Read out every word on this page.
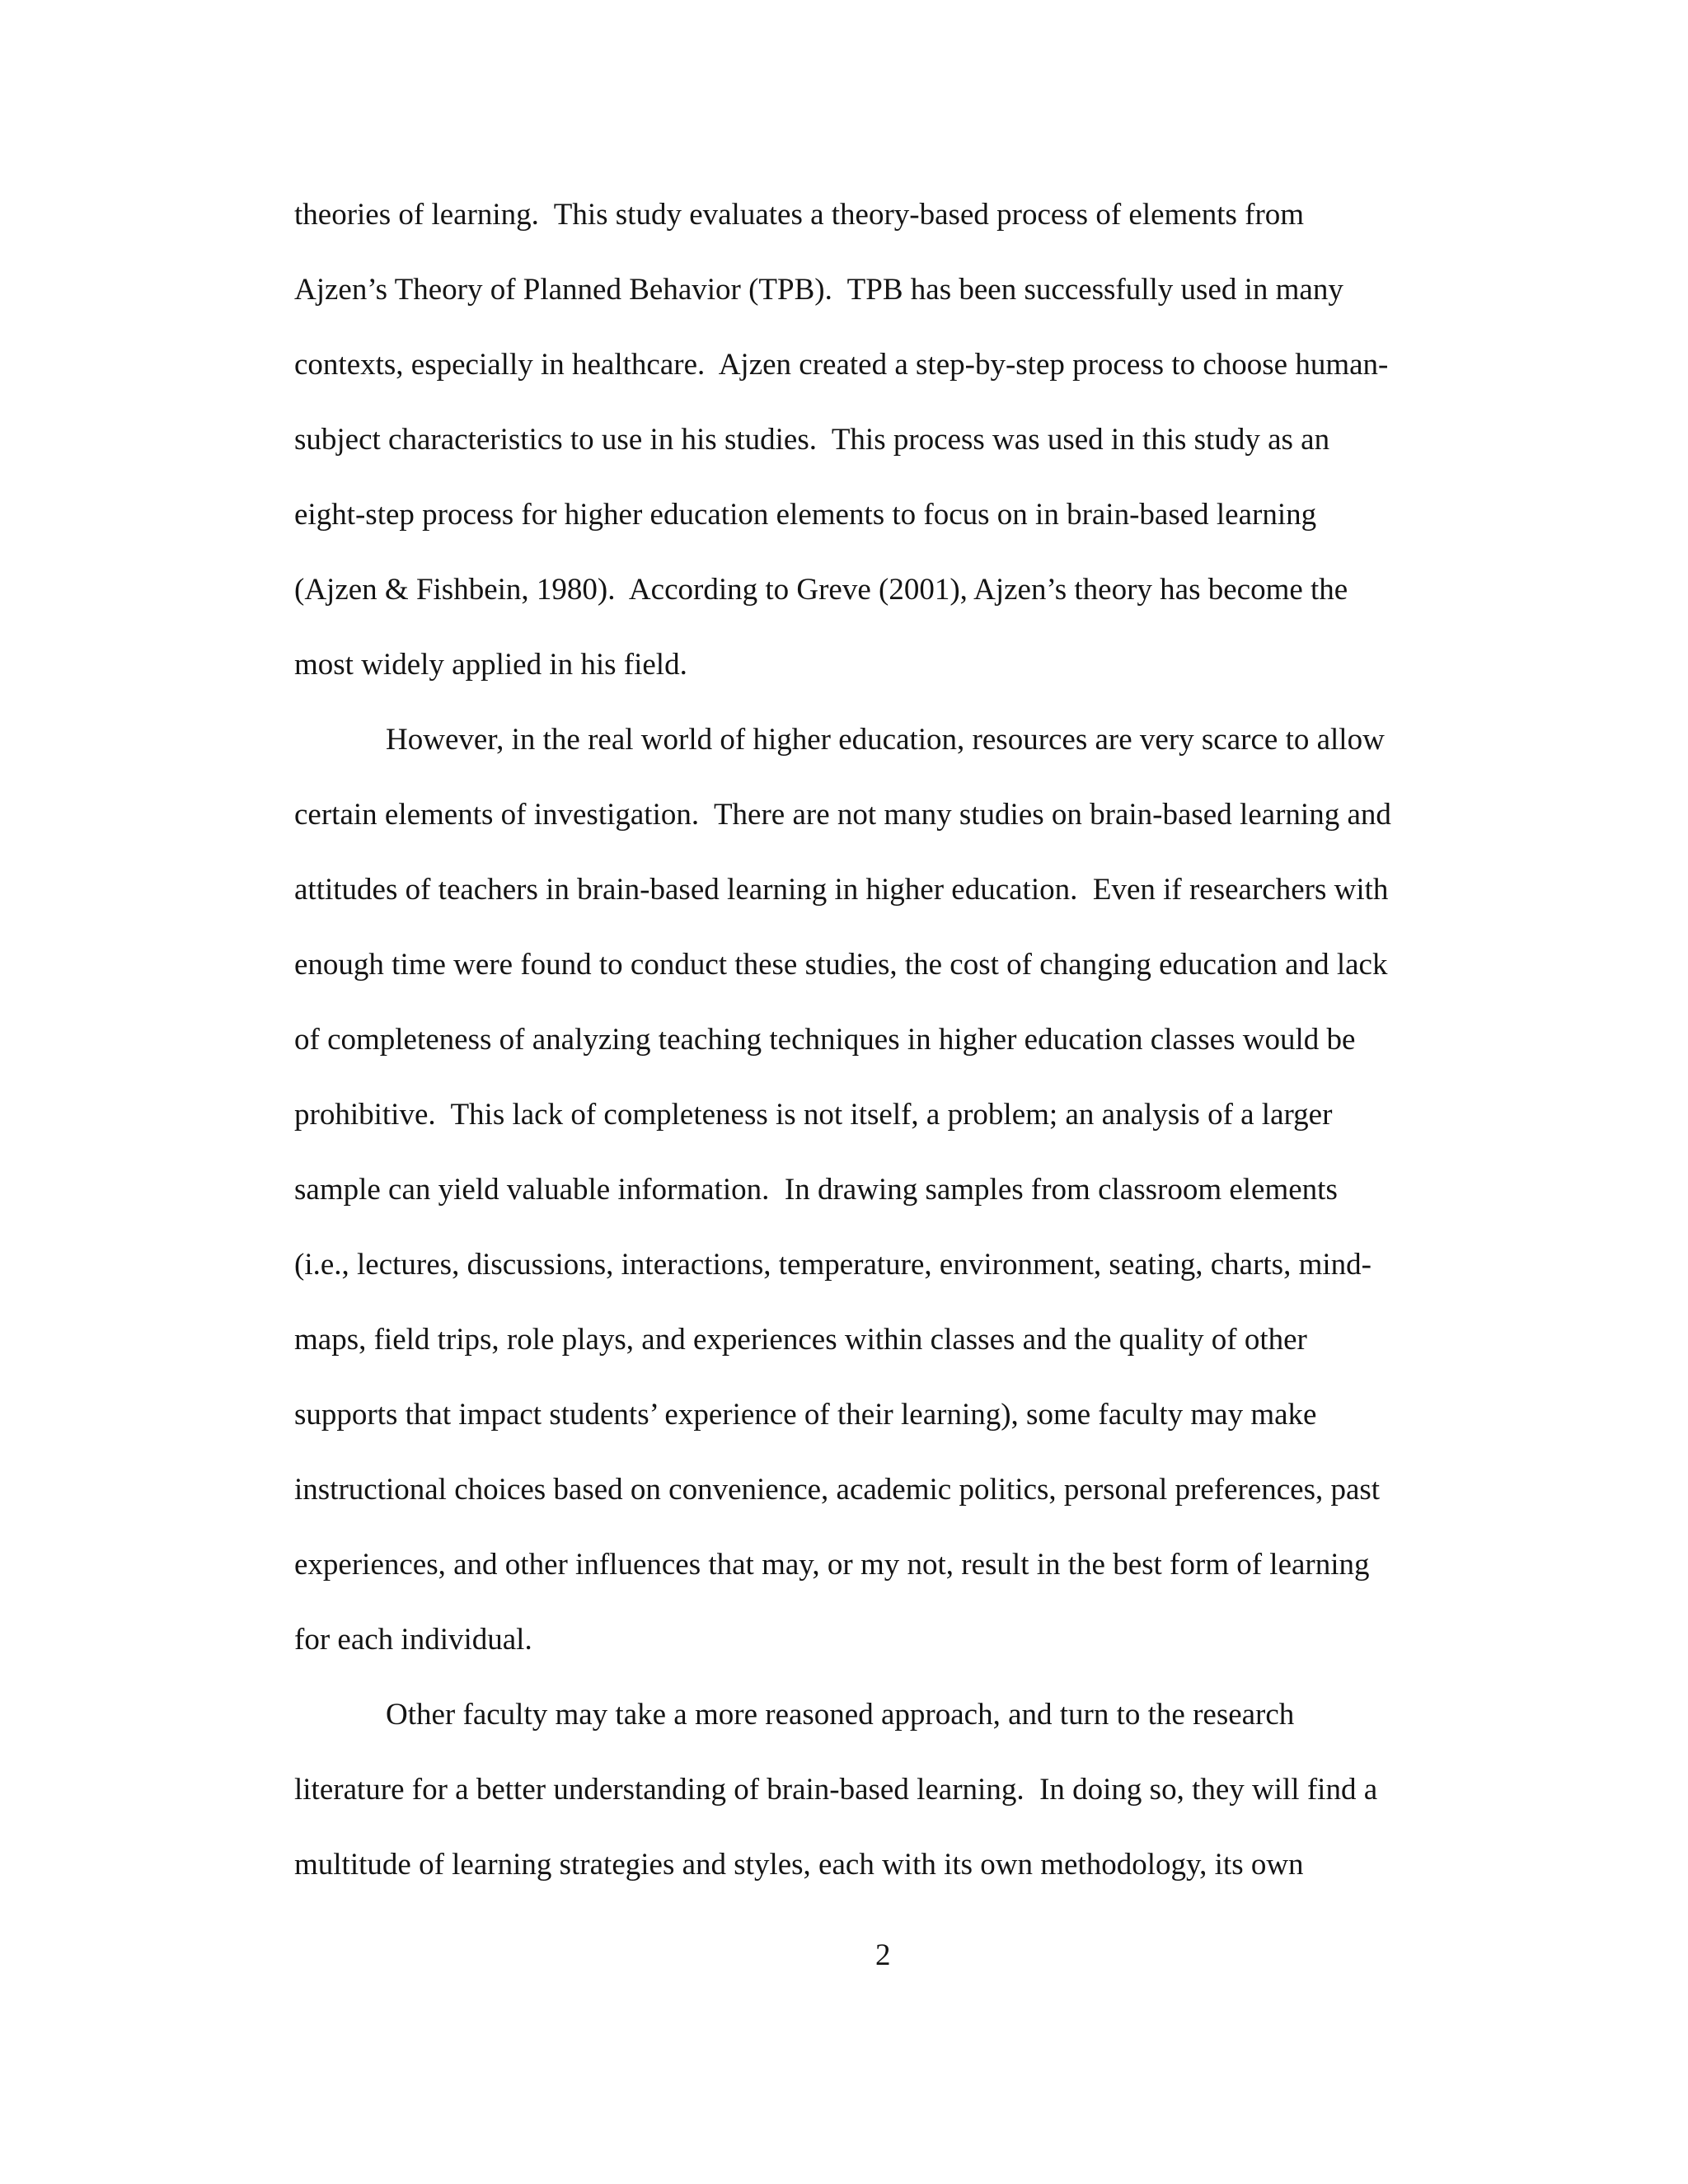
theories of learning.  This study evaluates a theory-based process of elements from
Ajzen’s Theory of Planned Behavior (TPB).  TPB has been successfully used in many
contexts, especially in healthcare.  Ajzen created a step-by-step process to choose human-
subject characteristics to use in his studies.  This process was used in this study as an
eight-step process for higher education elements to focus on in brain-based learning
(Ajzen & Fishbein, 1980).  According to Greve (2001), Ajzen’s theory has become the
most widely applied in his field.
However, in the real world of higher education, resources are very scarce to allow
certain elements of investigation.  There are not many studies on brain-based learning and
attitudes of teachers in brain-based learning in higher education.  Even if researchers with
enough time were found to conduct these studies, the cost of changing education and lack
of completeness of analyzing teaching techniques in higher education classes would be
prohibitive.  This lack of completeness is not itself, a problem; an analysis of a larger
sample can yield valuable information.  In drawing samples from classroom elements
(i.e., lectures, discussions, interactions, temperature, environment, seating, charts, mind-
maps, field trips, role plays, and experiences within classes and the quality of other
supports that impact students’ experience of their learning), some faculty may make
instructional choices based on convenience, academic politics, personal preferences, past
experiences, and other influences that may, or my not, result in the best form of learning
for each individual.
Other faculty may take a more reasoned approach, and turn to the research
literature for a better understanding of brain-based learning.  In doing so, they will find a
multitude of learning strategies and styles, each with its own methodology, its own
2
